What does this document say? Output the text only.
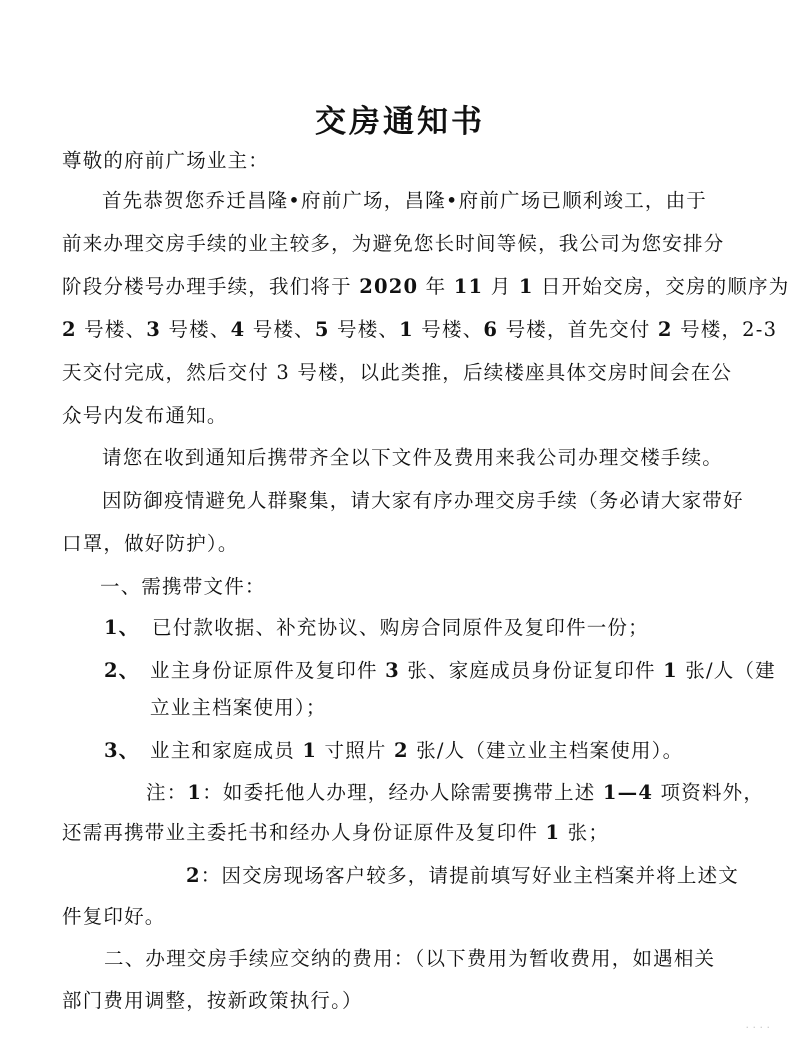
交房通知书
尊敬的府前广场业主：
首先恭贺您乔迁昌隆•府前广场，昌隆•府前广场已顺利竣工，由于
前来办理交房手续的业主较多，为避免您长时间等候，我公司为您安排分
阶段分楼号办理手续，我们将于 2020 年 11 月 1 日开始交房，交房的顺序为
2 号楼、3 号楼、4 号楼、5 号楼、1 号楼、6 号楼，首先交付 2 号楼，2-3
天交付完成，然后交付 3 号楼，以此类推，后续楼座具体交房时间会在公
众号内发布通知。
请您在收到通知后携带齐全以下文件及费用来我公司办理交楼手续。
因防御疫情避免人群聚集，请大家有序办理交房手续（务必请大家带好
口罩，做好防护）。
一、需携带文件：
1、 已付款收据、补充协议、购房合同原件及复印件一份；
2、 业主身份证原件及复印件 3 张、家庭成员身份证复印件 1 张/人（建
立业主档案使用）；
3、 业主和家庭成员 1 寸照片 2 张/人（建立业主档案使用）。
注：1：如委托他人办理，经办人除需要携带上述 1—4 项资料外，
还需再携带业主委托书和经办人身份证原件及复印件 1 张；
2：因交房现场客户较多，请提前填写好业主档案并将上述文
件复印好。
二、办理交房手续应交纳的费用：（以下费用为暂收费用，如遇相关
部门费用调整，按新政策执行。）
· · · ·
